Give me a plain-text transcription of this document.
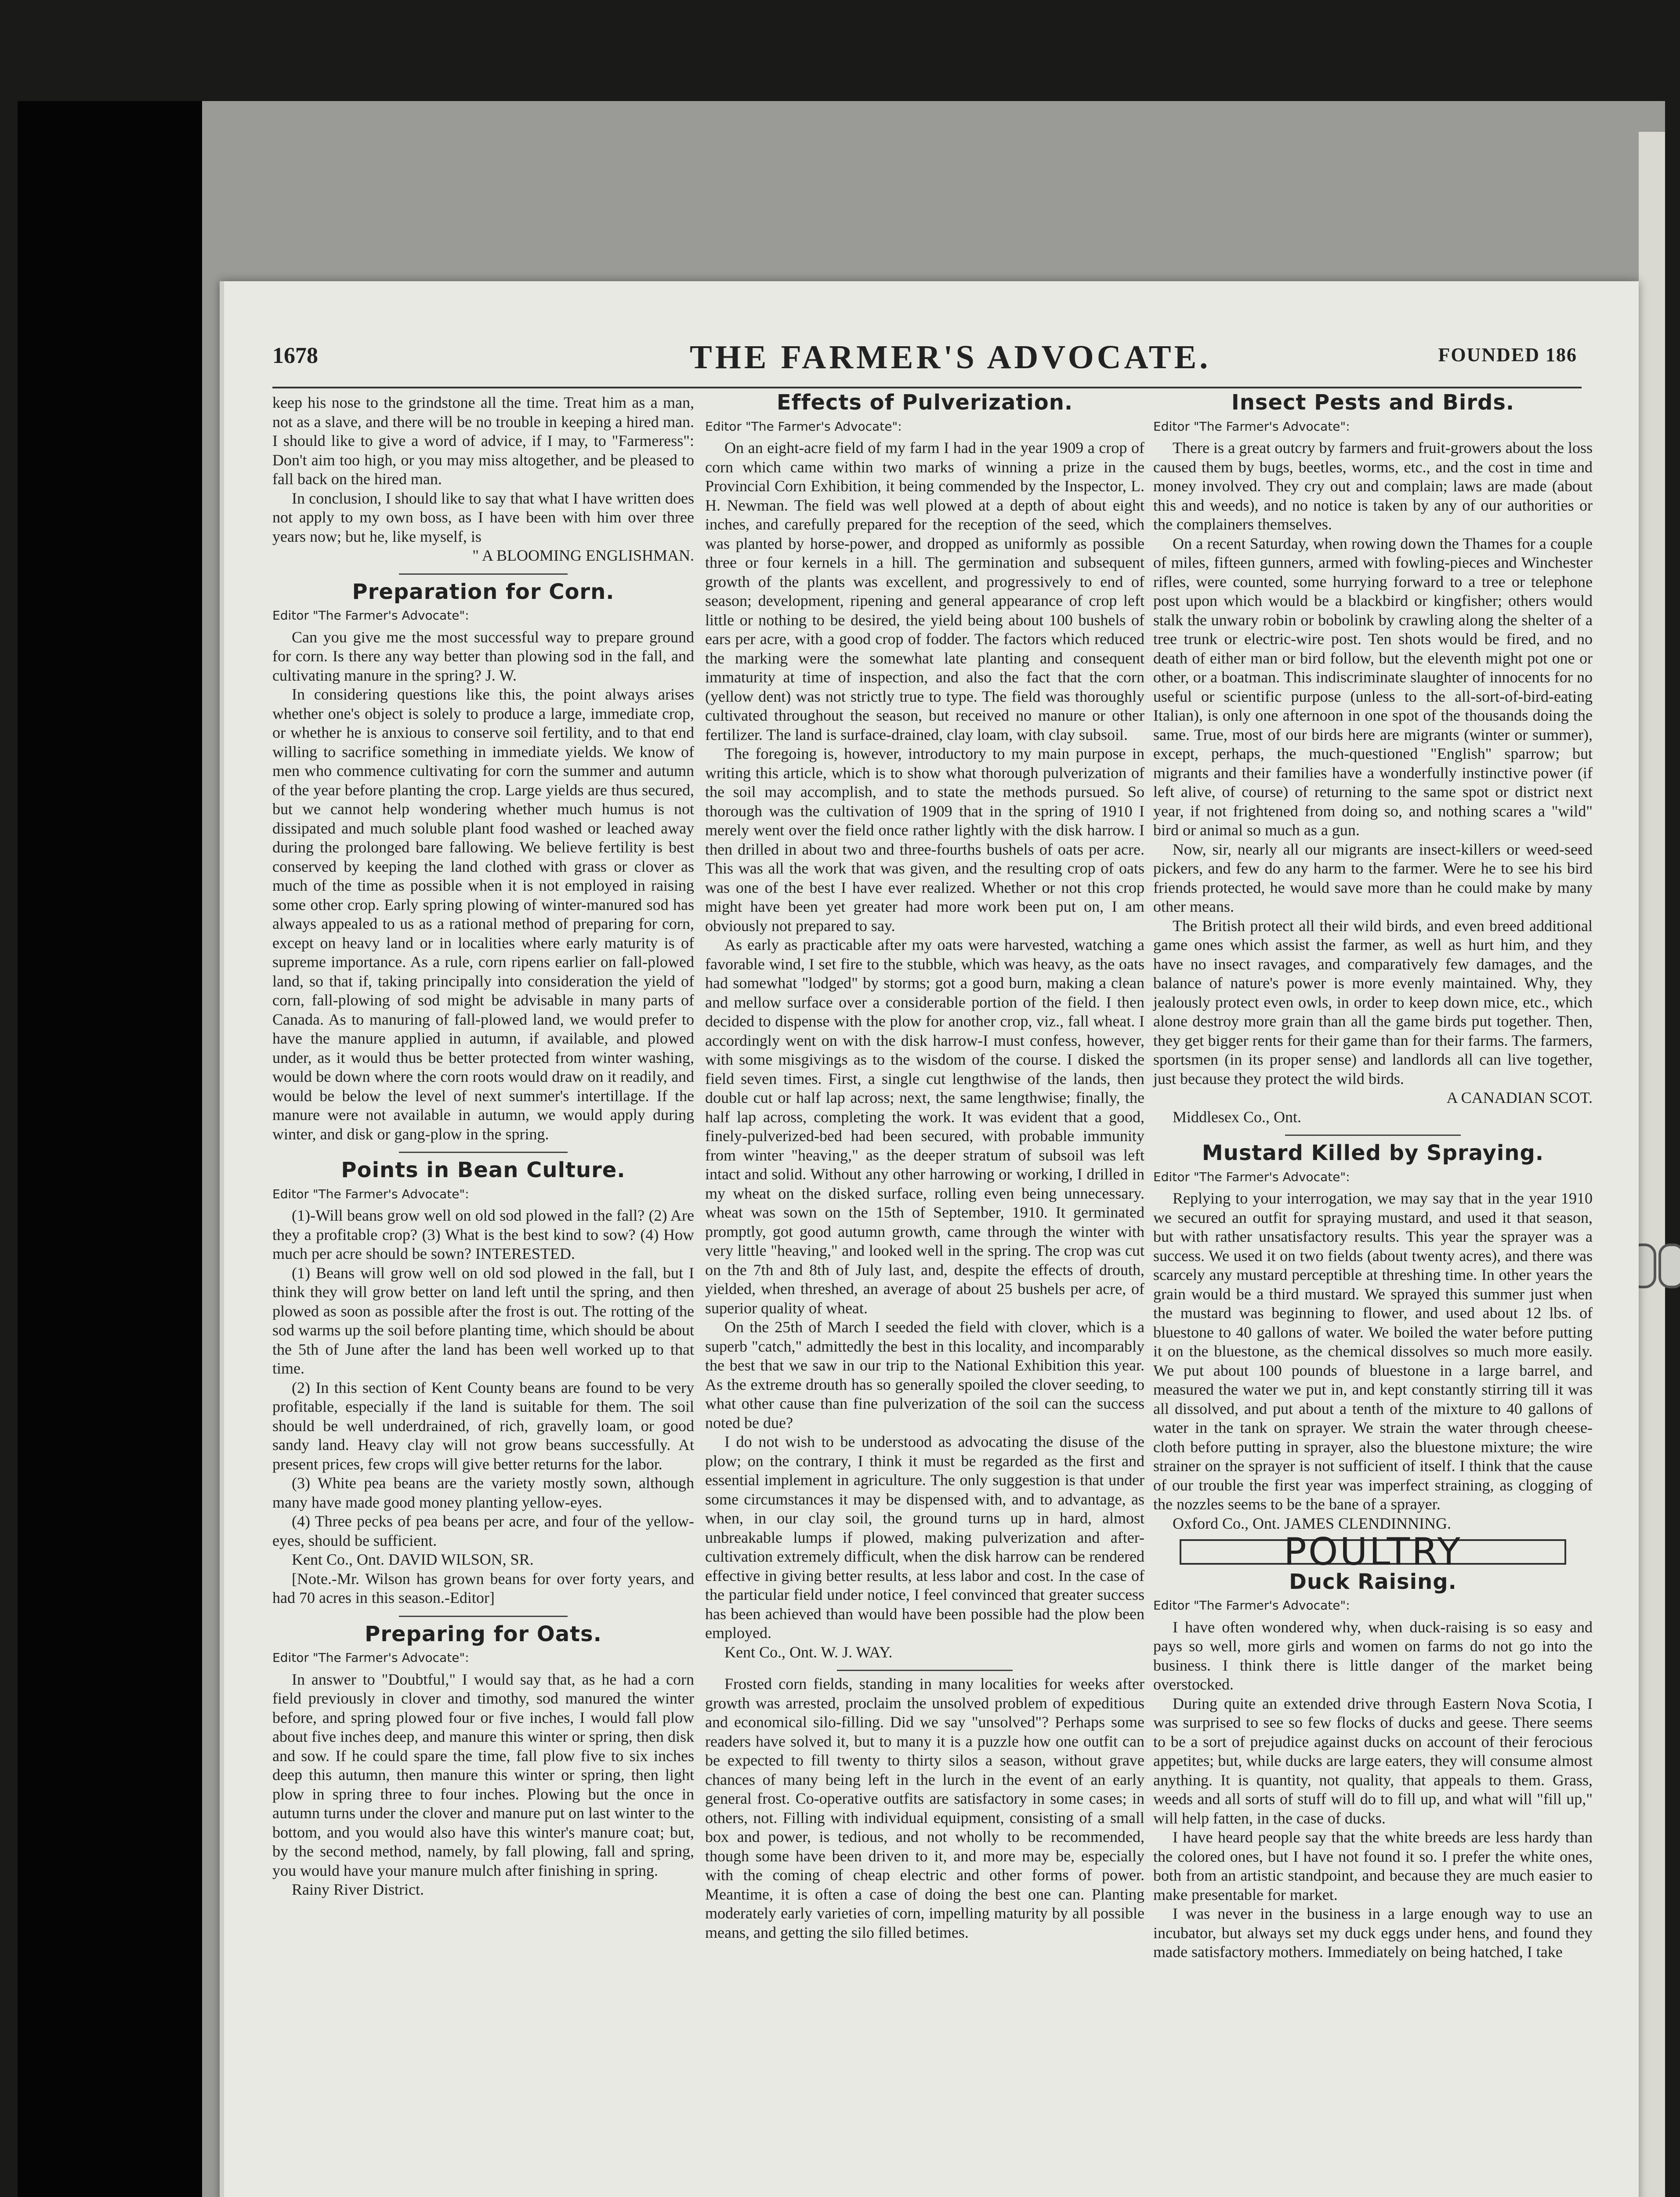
1678	THE FARMER'S ADVOCATE.	FOUNDED 186

keep his nose to the grindstone all the time. Treat him as a man, not as a slave, and there will be no trouble in keeping a hired man. I should like to give a word of advice, if I may, to "Farmeress": Don't aim too high, or you may miss altogether, and be pleased to fall back on the hired man.

In conclusion, I should like to say that what I have written does not apply to my own boss, as I have been with him over three years now; but he, like myself, is

" A BLOOMING ENGLISHMAN.

Preparation for Corn.
Editor "The Farmer's Advocate":

Can you give me the most successful way to prepare ground for corn. Is there any way better than plowing sod in the fall, and cultivating manure in the spring? J. W.

In considering questions like this, the point always arises whether one's object is solely to produce a large, immediate crop, or whether he is anxious to conserve soil fertility, and to that end willing to sacrifice something in immediate yields. We know of men who commence cultivating for corn the summer and autumn of the year before planting the crop. Large yields are thus secured, but we cannot help wondering whether much humus is not dissipated and much soluble plant food washed or leached away during the prolonged bare fallowing. We believe fertility is best conserved by keeping the land clothed with grass or clover as much of the time as possible when it is not employed in raising some other crop. Early spring plowing of winter-manured sod has always appealed to us as a rational method of preparing for corn, except on heavy land or in localities where early maturity is of supreme importance. As a rule, corn ripens earlier on fall-plowed land, so that if, taking principally into consideration the yield of corn, fall-plowing of sod might be advisable in many parts of Canada. As to manuring of fall-plowed land, we would prefer to have the manure applied in autumn, if available, and plowed under, as it would thus be better protected from winter washing, would be down where the corn roots would draw on it readily, and would be below the level of next summer's intertillage. If the manure were not available in autumn, we would apply during winter, and disk or gang-plow in the spring.

Points in Bean Culture.
Editor "The Farmer's Advocate":

(1)-Will beans grow well on old sod plowed in the fall? (2) Are they a profitable crop? (3) What is the best kind to sow? (4) How much per acre should be sown? INTERESTED.

(1) Beans will grow well on old sod plowed in the fall, but I think they will grow better on land left until the spring, and then plowed as soon as possible after the frost is out. The rotting of the sod warms up the soil before planting time, which should be about the 5th of June after the land has been well worked up to that time.

(2) In this section of Kent County beans are found to be very profitable, especially if the land is suitable for them. The soil should be well underdrained, of rich, gravelly loam, or good sandy land. Heavy clay will not grow beans successfully. At present prices, few crops will give better returns for the labor.

(3) White pea beans are the variety mostly sown, although many have made good money planting yellow-eyes.

(4) Three pecks of pea beans per acre, and four of the yellow-eyes, should be sufficient.

Kent Co., Ont. DAVID WILSON, SR.

[Note.-Mr. Wilson has grown beans for over forty years, and had 70 acres in this season.-Editor]

Preparing for Oats.
Editor "The Farmer's Advocate":

In answer to "Doubtful," I would say that, as he had a corn field previously in clover and timothy, sod manured the winter before, and spring plowed four or five inches, I would fall plow about five inches deep, and manure this winter or spring, then disk and sow. If he could spare the time, fall plow five to six inches deep this autumn, then manure this winter or spring, then light plow in spring three to four inches. Plowing but the once in autumn turns under the clover and manure put on last winter to the bottom, and you would also have this winter's manure coat; but, by the second method, namely, by fall plowing, fall and spring, you would have your manure mulch after finishing in spring.

Rainy River District.

Effects of Pulverization.
Editor "The Farmer's Advocate":

On an eight-acre field of my farm I had in the year 1909 a crop of corn which came within two marks of winning a prize in the Provincial Corn Exhibition, it being commended by the Inspector, L. H. Newman. The field was well plowed at a depth of about eight inches, and carefully prepared for the reception of the seed, which was planted by horse-power, and dropped as uniformly as possible three or four kernels in a hill. The germination and subsequent growth of the plants was excellent, and progressively to end of season; development, ripening and general appearance of crop left little or nothing to be desired, the yield being about 100 bushels of ears per acre, with a good crop of fodder. The factors which reduced the marking were the somewhat late planting and consequent immaturity at time of inspection, and also the fact that the corn (yellow dent) was not strictly true to type. The field was thoroughly cultivated throughout the season, but received no manure or other fertilizer. The land is surface-drained, clay loam, with clay subsoil.

The foregoing is, however, introductory to my main purpose in writing this article, which is to show what thorough pulverization of the soil may accomplish, and to state the methods pursued. So thorough was the cultivation of 1909 that in the spring of 1910 I merely went over the field once rather lightly with the disk harrow. I then drilled in about two and three-fourths bushels of oats per acre. This was all the work that was given, and the resulting crop of oats was one of the best I have ever realized. Whether or not this crop might have been yet greater had more work been put on, I am obviously not prepared to say.

As early as practicable after my oats were harvested, watching a favorable wind, I set fire to the stubble, which was heavy, as the oats had somewhat "lodged" by storms; got a good burn, making a clean and mellow surface over a considerable portion of the field. I then decided to dispense with the plow for another crop, viz., fall wheat. I accordingly went on with the disk harrow-I must confess, however, with some misgivings as to the wisdom of the course. I disked the field seven times. First, a single cut lengthwise of the lands, then double cut or half lap across; next, the same lengthwise; finally, the half lap across, completing the work. It was evident that a good, finely-pulverized-bed had been secured, with probable immunity from winter "heaving," as the deeper stratum of subsoil was left intact and solid. Without any other harrowing or working, I drilled in my wheat on the disked surface, rolling even being unnecessary. wheat was sown on the 15th of September, 1910. It germinated promptly, got good autumn growth, came through the winter with very little "heaving," and looked well in the spring. The crop was cut on the 7th and 8th of July last, and, despite the effects of drouth, yielded, when threshed, an average of about 25 bushels per acre, of superior quality of wheat.

On the 25th of March I seeded the field with clover, which is a superb "catch," admittedly the best in this locality, and incomparably the best that we saw in our trip to the National Exhibition this year. As the extreme drouth has so generally spoiled the clover seeding, to what other cause than fine pulverization of the soil can the success noted be due?

I do not wish to be understood as advocating the disuse of the plow; on the contrary, I think it must be regarded as the first and essential implement in agriculture. The only suggestion is that under some circumstances it may be dispensed with, and to advantage, as when, in our clay soil, the ground turns up in hard, almost unbreakable lumps if plowed, making pulverization and after-cultivation extremely difficult, when the disk harrow can be rendered effective in giving better results, at less labor and cost. In the case of the particular field under notice, I feel convinced that greater success has been achieved than would have been possible had the plow been employed.

Kent Co., Ont. W. J. WAY.

Frosted corn fields, standing in many localities for weeks after growth was arrested, proclaim the unsolved problem of expeditious and economical silo-filling. Did we say "unsolved"? Perhaps some readers have solved it, but to many it is a puzzle how one outfit can be expected to fill twenty to thirty silos a season, without grave chances of many being left in the lurch in the event of an early general frost. Co-operative outfits are satisfactory in some cases; in others, not. Filling with individual equipment, consisting of a small box and power, is tedious, and not wholly to be recommended, though some have been driven to it, and more may be, especially with the coming of cheap electric and other forms of power. Meantime, it is often a case of doing the best one can. Planting moderately early varieties of corn, impelling maturity by all possible means, and getting the silo filled betimes.

Insect Pests and Birds.
Editor "The Farmer's Advocate":

There is a great outcry by farmers and fruit-growers about the loss caused them by bugs, beetles, worms, etc., and the cost in time and money involved. They cry out and complain; laws are made (about this and weeds), and no notice is taken by any of our authorities or the complainers themselves.

On a recent Saturday, when rowing down the Thames for a couple of miles, fifteen gunners, armed with fowling-pieces and Winchester rifles, were counted, some hurrying forward to a tree or telephone post upon which would be a blackbird or kingfisher; others would stalk the unwary robin or bobolink by crawling along the shelter of a tree trunk or electric-wire post. Ten shots would be fired, and no death of either man or bird follow, but the eleventh might pot one or other, or a boatman. This indiscriminate slaughter of innocents for no useful or scientific purpose (unless to the all-sort-of-bird-eating Italian), is only one afternoon in one spot of the thousands doing the same. True, most of our birds here are migrants (winter or summer), except, perhaps, the much-questioned "English" sparrow; but migrants and their families have a wonderfully instinctive power (if left alive, of course) of returning to the same spot or district next year, if not frightened from doing so, and nothing scares a "wild" bird or animal so much as a gun.

Now, sir, nearly all our migrants are insect-killers or weed-seed pickers, and few do any harm to the farmer. Were he to see his bird friends protected, he would save more than he could make by many other means.

The British protect all their wild birds, and even breed additional game ones which assist the farmer, as well as hurt him, and they have no insect ravages, and comparatively few damages, and the balance of nature's power is more evenly maintained. Why, they jealously protect even owls, in order to keep down mice, etc., which alone destroy more grain than all the game birds put together. Then, they get bigger rents for their game than for their farms. The farmers, sportsmen (in its proper sense) and landlords all can live together, just because they protect the wild birds.

A CANADIAN SCOT.

Middlesex Co., Ont.

Mustard Killed by Spraying.
Editor "The Farmer's Advocate":

Replying to your interrogation, we may say that in the year 1910 we secured an outfit for spraying mustard, and used it that season, but with rather unsatisfactory results. This year the sprayer was a success. We used it on two fields (about twenty acres), and there was scarcely any mustard perceptible at threshing time. In other years the grain would be a third mustard. We sprayed this summer just when the mustard was beginning to flower, and used about 12 lbs. of bluestone to 40 gallons of water. We boiled the water before putting it on the bluestone, as the chemical dissolves so much more easily. We put about 100 pounds of bluestone in a large barrel, and measured the water we put in, and kept constantly stirring till it was all dissolved, and put about a tenth of the mixture to 40 gallons of water in the tank on sprayer. We strain the water through cheese-cloth before putting in sprayer, also the bluestone mixture; the wire strainer on the sprayer is not sufficient of itself. I think that the cause of our trouble the first year was imperfect straining, as clogging of the nozzles seems to be the bane of a sprayer.

Oxford Co., Ont. JAMES CLENDINNING.

POULTRY
Duck Raising.
Editor "The Farmer's Advocate":

I have often wondered why, when duck-raising is so easy and pays so well, more girls and women on farms do not go into the business. I think there is little danger of the market being overstocked.

During quite an extended drive through Eastern Nova Scotia, I was surprised to see so few flocks of ducks and geese. There seems to be a sort of prejudice against ducks on account of their ferocious appetites; but, while ducks are large eaters, they will consume almost anything. It is quantity, not quality, that appeals to them. Grass, weeds and all sorts of stuff will do to fill up, and what will "fill up," will help fatten, in the case of ducks.

I have heard people say that the white breeds are less hardy than the colored ones, but I have not found it so. I prefer the white ones, both from an artistic standpoint, and because they are much easier to make presentable for market.

I was never in the business in a large enough way to use an incubator, but always set my duck eggs under hens, and found they made satisfactory mothers. Immediately on being hatched, I take
